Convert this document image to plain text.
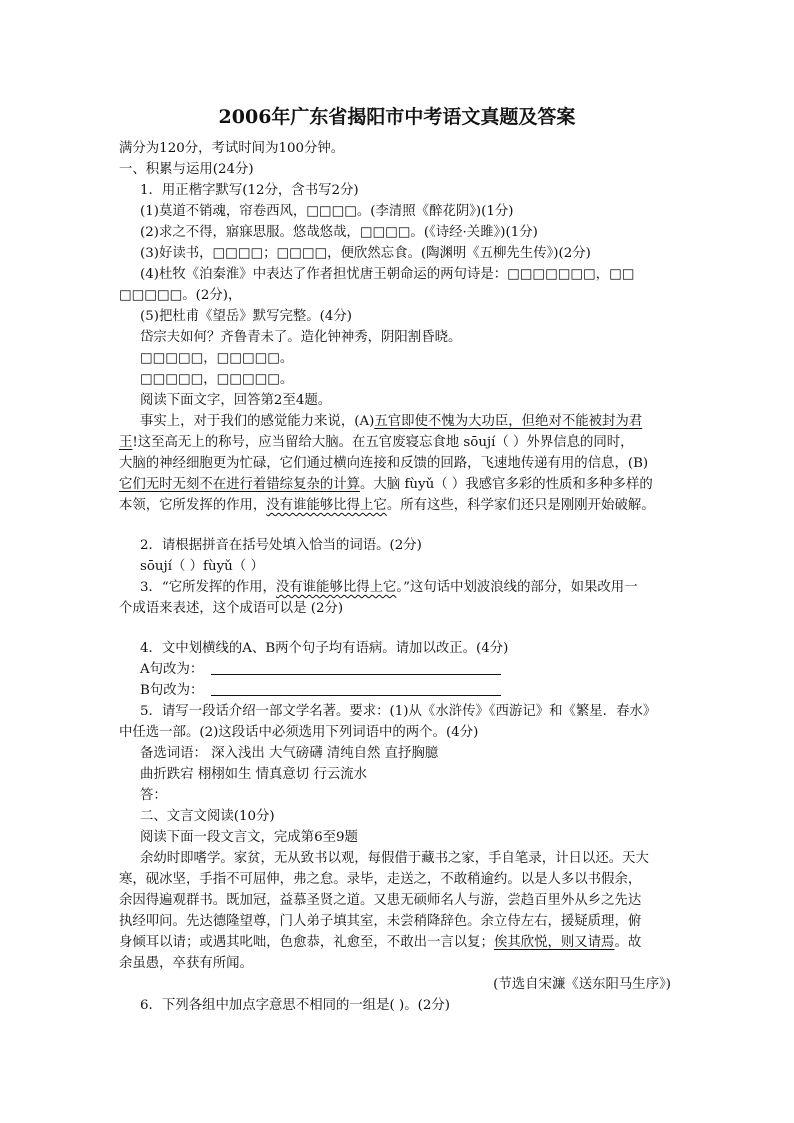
2006年广东省揭阳市中考语文真题及答案
满分为120分，考试时间为100分钟。
一、积累与运用(24分)
1．用正楷字默写(12分，含书写2分)
(1)莫道不销魂，帘卷西风，□□□□。(李清照《醉花阴》)(1分)
(2)求之不得，寤寐思服。悠哉悠哉，□□□□。(《诗经·关雎》)(1分)
(3)好读书，□□□□；□□□□，便欣然忘食。(陶渊明《五柳先生传》)(2分)
(4)杜牧《泊秦淮》中表达了作者担忧唐王朝命运的两句诗是：□□□□□□□，□□
□□□□□。(2分)，
(5)把杜甫《望岳》默写完整。(4分)
岱宗夫如何？齐鲁青未了。造化钟神秀，阴阳割昏晓。
□□□□□，□□□□□。
□□□□□，□□□□□。
阅读下面文字，回答第2至4题。
事实上，对于我们的感觉能力来说，(A)五官即使不愧为大功臣，但绝对不能被封为君
王!这至高无上的称号，应当留给大脑。在五官废寝忘食地 sōují（ ）外界信息的同时，
大脑的神经细胞更为忙碌，它们通过横向连接和反馈的回路，飞速地传递有用的信息，(B)
它们无时无刻不在进行着错综复杂的计算。大脑 fùyǔ（ ）我感官多彩的性质和多种多样的
本领，它所发挥的作用，没有谁能够比得上它。所有这些，科学家们还只是刚刚开始破解。
2．请根据拼音在括号处填入恰当的词语。(2分)
sōují（ ）fùyǔ（ ）
3．“它所发挥的作用，没有谁能够比得上它。”这句话中划波浪线的部分，如果改用一
个成语来表述，这个成语可以是 (2分)
4．文中划横线的A、B两个句子均有语病。请加以改正。(4分)
A句改为：
B句改为：
5．请写一段话介绍一部文学名著。要求：(1)从《水浒传》《西游记》和《繁星．春水》
中任选一部。(2)这段话中必须选用下列词语中的两个。(4分)
备选词语： 深入浅出 大气磅礴 清纯自然 直抒胸臆
曲折跌宕 栩栩如生 情真意切 行云流水
答：
二、文言文阅读(10分)
阅读下面一段文言文，完成第6至9题
余幼时即嗜学。家贫，无从致书以观，每假借于藏书之家，手自笔录，计日以还。天大
寒，砚冰坚，手指不可屈伸，弗之怠。录毕，走送之，不敢稍逾约。以是人多以书假余，
余因得遍观群书。既加冠，益慕圣贤之道。又患无硕师名人与游，尝趋百里外从乡之先达
执经叩问。先达德隆望尊，门人弟子填其室，未尝稍降辞色。余立侍左右，援疑质理，俯
身倾耳以请；或遇其叱咄，色愈恭，礼愈至，不敢出一言以复；俟其欣悦，则又请焉。故
余虽愚，卒获有所闻。
(节选自宋濂《送东阳马生序》)
6．下列各组中加点字意思不相同的一组是( )。(2分)
